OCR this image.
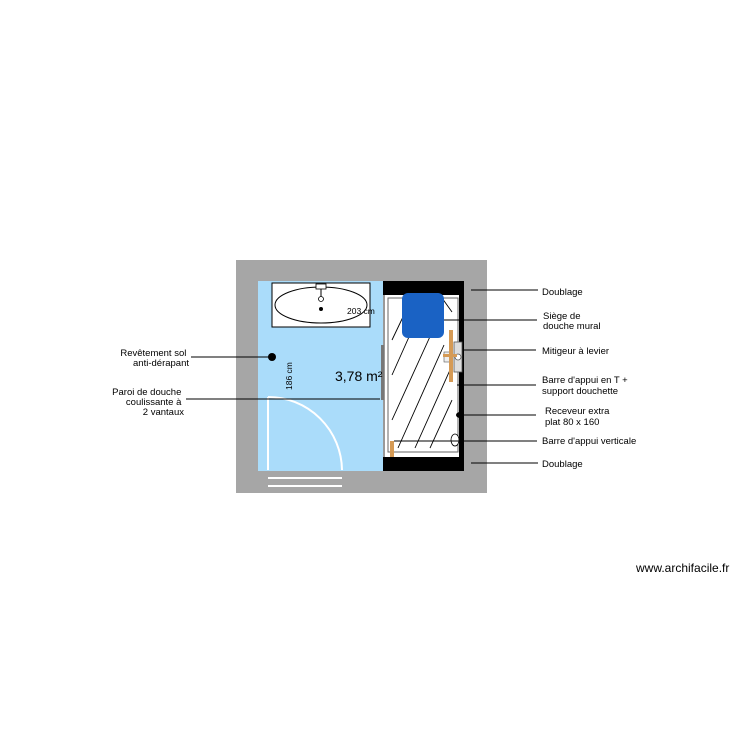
3,78 m²
203 cm
186 cm
Revêtement sol anti-dérapant
Paroi de douche coulissante à 2 vantaux
Doublage
Siège de douche mural
Mitigeur à levier
Barre d'appui en T + support douchette
Receveur extra plat 80 x 160
Barre d'appui verticale
Doublage
www.archifacile.fr
